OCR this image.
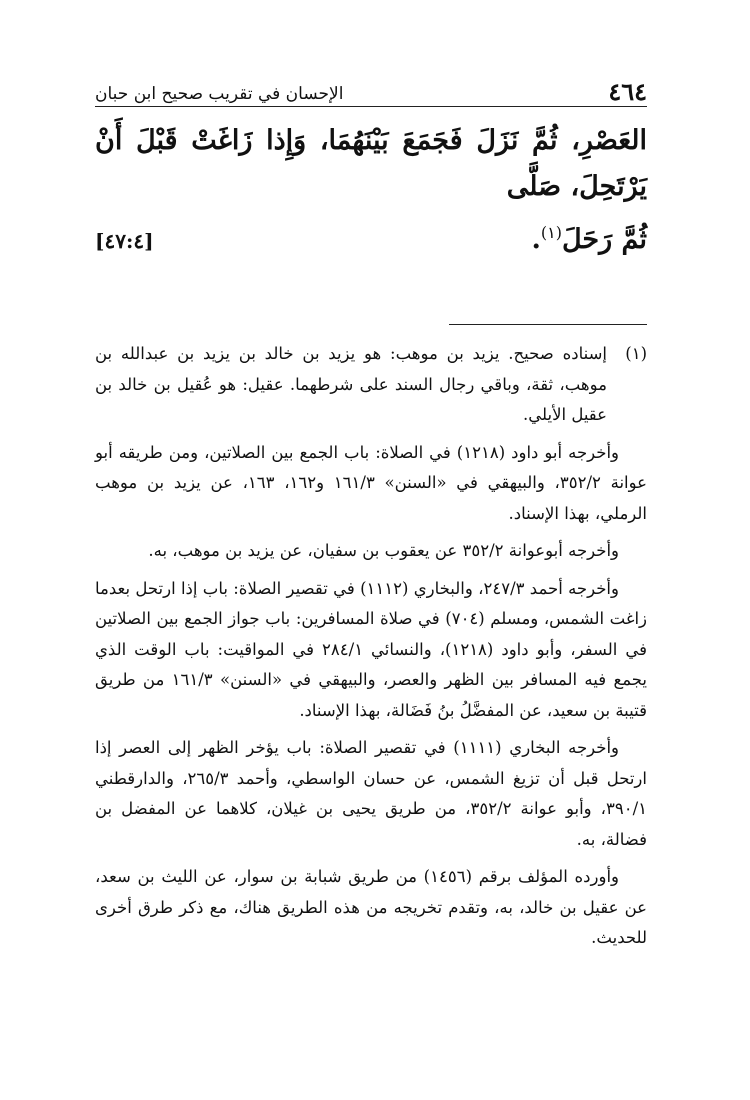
٤٦٤
الإحسان في تقريب صحيح ابن حبان
العَصْرِ، ثُمَّ نَزَلَ فَجَمَعَ بَيْنَهُمَا، وَإِذا زَاغَتْ قَبْلَ أَنْ يَرْتَحِلَ، صَلَّى
ثُمَّ رَحَلَ$^{(١)}$.
[٤٧:٤]
(١)
إسناده صحيح. يزيد بن موهب: هو يزيد بن خالد بن يزيد بن عبدالله بن موهب، ثقة، وباقي رجال السند على شرطهما. عقيل: هو عُقيل بن خالد بن عقيل الأيلي.
وأخرجه أبو داود (١٢١٨) في الصلاة: باب الجمع بين الصلاتين، ومن طريقه أبو عوانة ٣٥٢/٢، والبيهقي في «السنن» ١٦١/٣ و١٦٢، ١٦٣، عن يزيد بن موهب الرملي، بهذا الإسناد.
وأخرجه أبوعوانة ٣٥٢/٢ عن يعقوب بن سفيان، عن يزيد بن موهب، به.
وأخرجه أحمد ٢٤٧/٣، والبخاري (١١١٢) في تقصير الصلاة: باب إذا ارتحل بعدما زاغت الشمس، ومسلم (٧٠٤) في صلاة المسافرين: باب جواز الجمع بين الصلاتين في السفر، وأبو داود (١٢١٨)، والنسائي ٢٨٤/١ في المواقيت: باب الوقت الذي يجمع فيه المسافر بين الظهر والعصر، والبيهقي في «السنن» ١٦١/٣ من طريق قتيبة بن سعيد، عن المفضَّلُ بنُ فَضَالة، بهذا الإسناد.
وأخرجه البخاري (١١١١) في تقصير الصلاة: باب يؤخر الظهر إلى العصر إذا ارتحل قبل أن تزيغ الشمس، عن حسان الواسطي، وأحمد ٢٦٥/٣، والدارقطني ٣٩٠/١، وأبو عوانة ٣٥٢/٢، من طريق يحيى بن غيلان، كلاهما عن المفضل بن فضالة، به.
وأورده المؤلف برقم (١٤٥٦) من طريق شبابة بن سوار، عن الليث بن سعد، عن عقيل بن خالد، به، وتقدم تخريجه من هذه الطريق هناك، مع ذكر طرق أخرى للحديث.
